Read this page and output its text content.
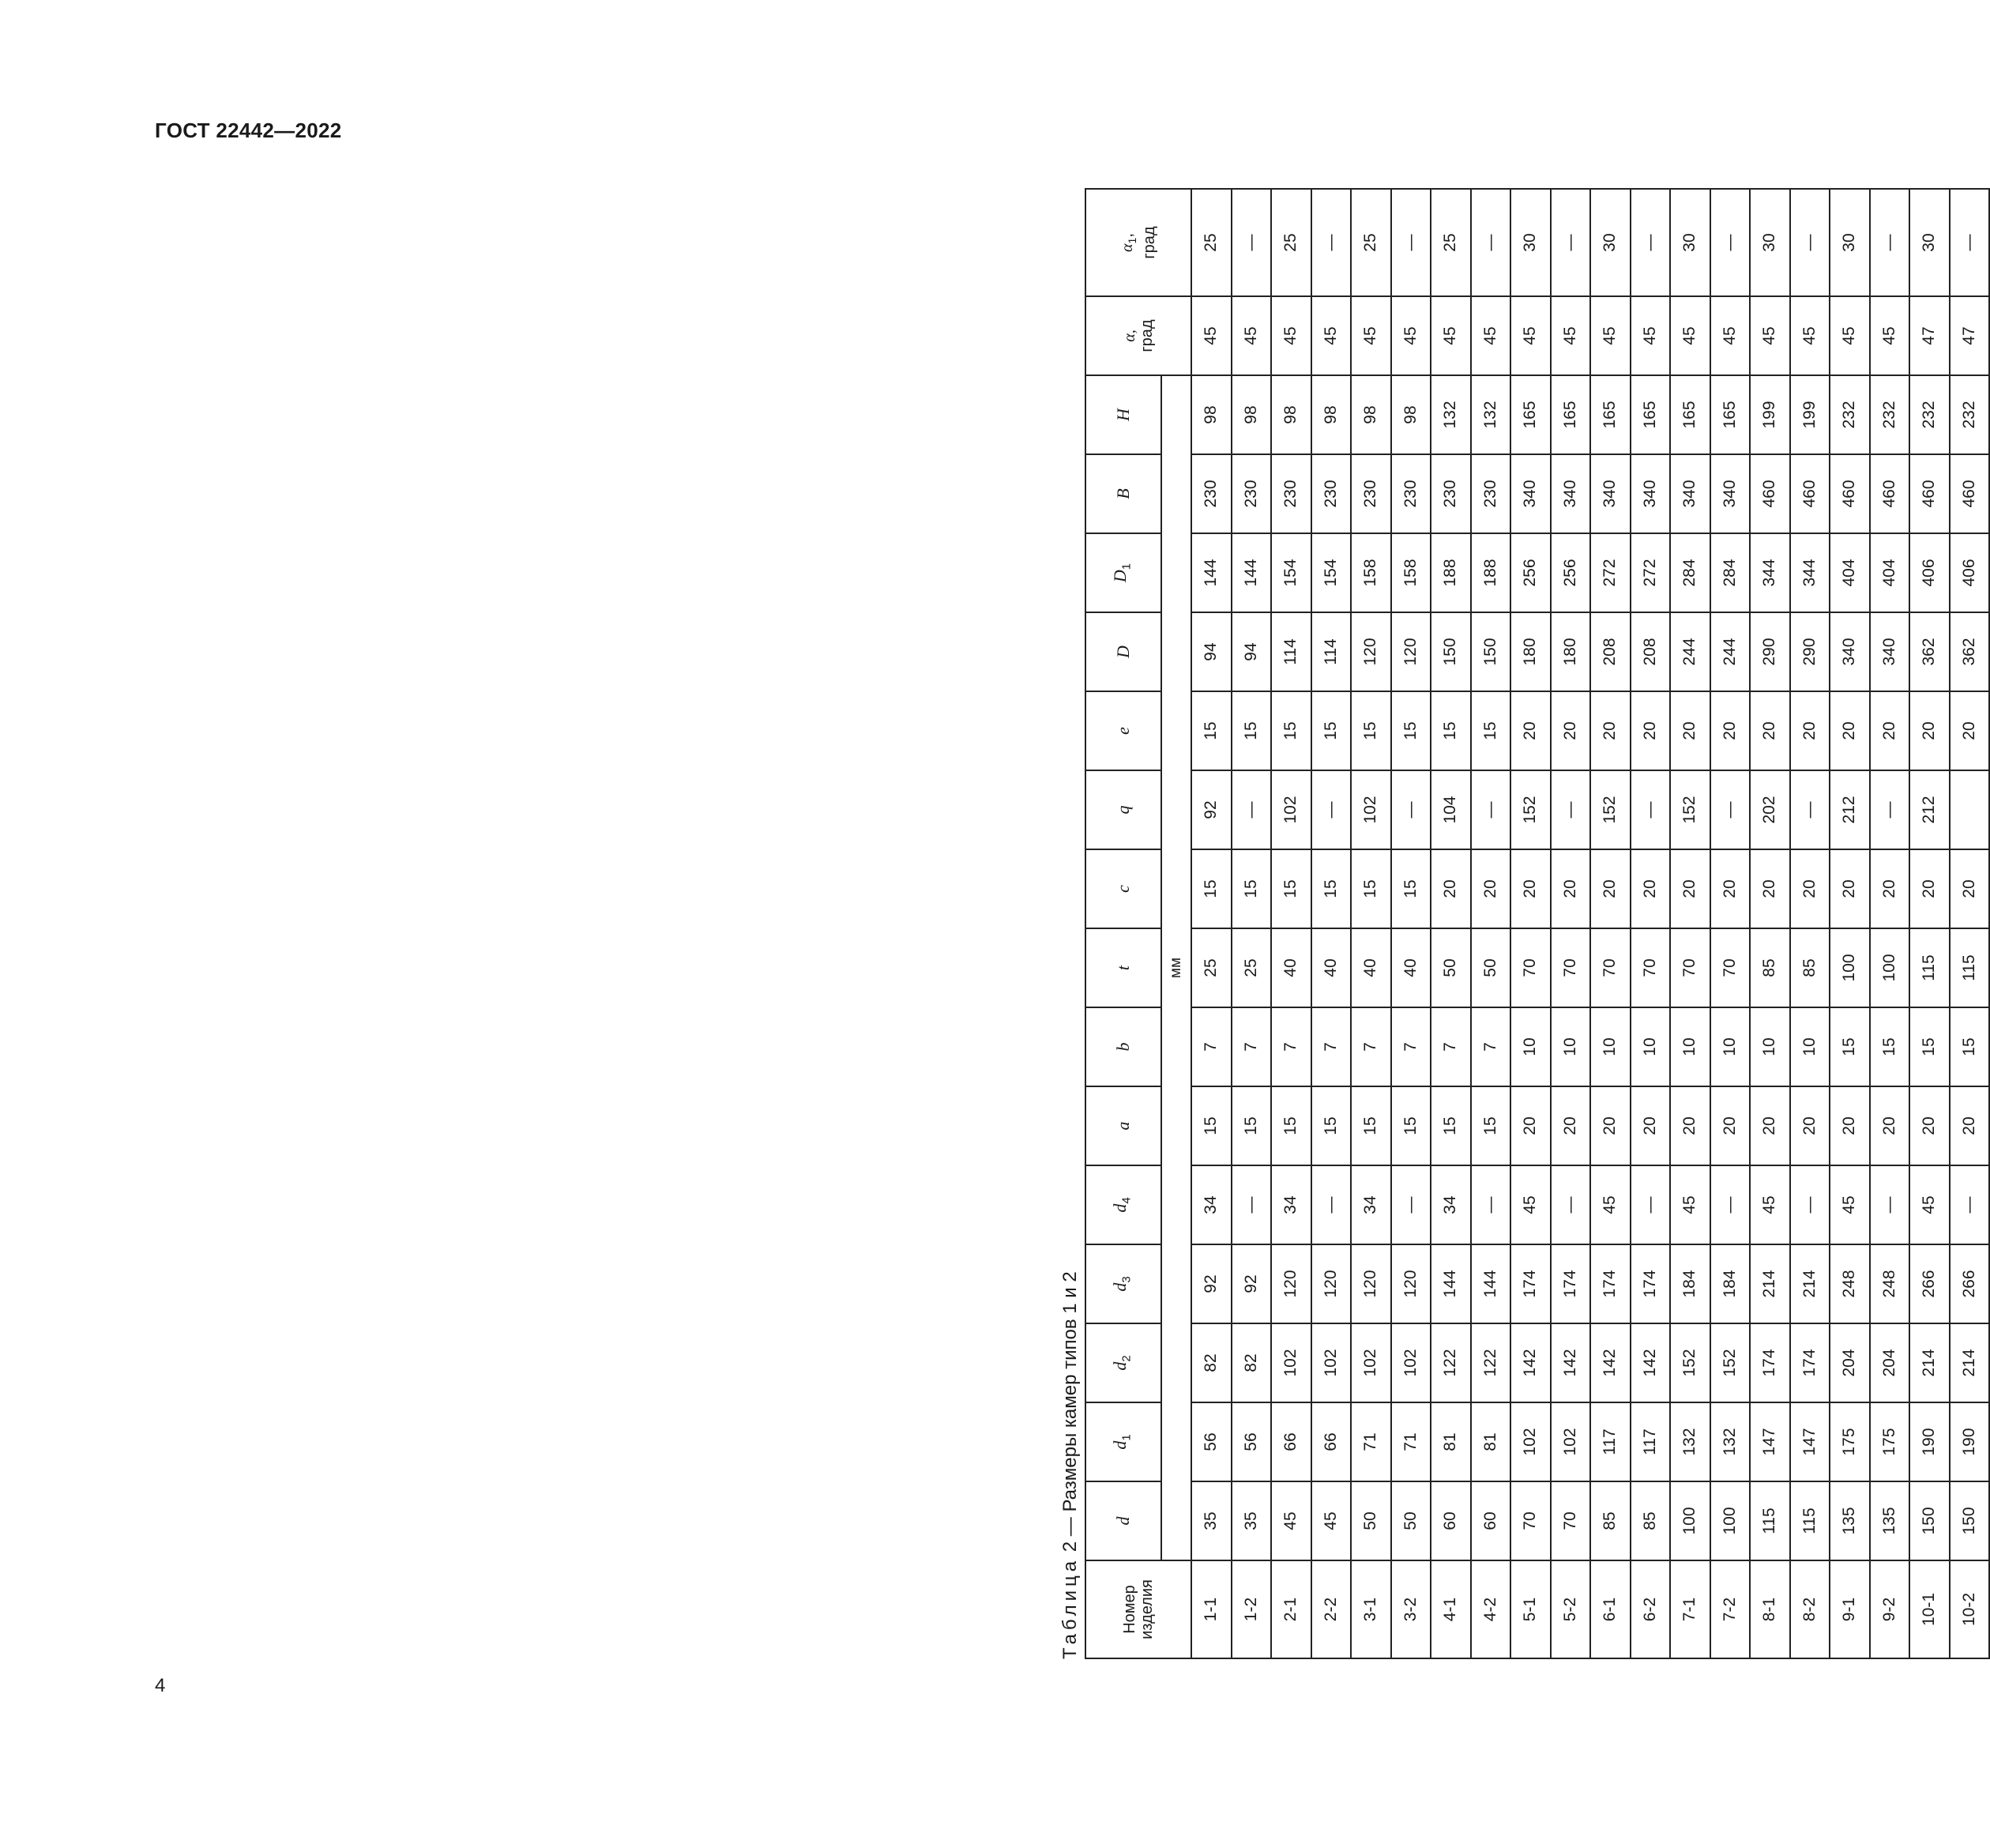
ГОСТ 22442—2022
Таблица 2 — Размеры камер типов 1 и 2
Номер изделия	d	$d_1$	$d_2$	$d_3$	$d_4$	a	b	t	c	q	e	D	$D_1$	B	H	α,
град	$\alpha_1$, град
	мм																
1-1	35	56	82	92	34	15	7	25	15	92	15	94	144	230	98	45	25
1-2	35	56	82	92	—	15	7	25	15	—	15	94	144	230	98	45	—
2-1	45	66	102	120	34	15	7	40	15	102	15	114	154	230	98	45	25
2-2	45	66	102	120	—	15	7	40	15	—	15	114	154	230	98	45	—
3-1	50	71	102	120	34	15	7	40	15	102	15	120	158	230	98	45	25
3-2	50	71	102	120	—	15	7	40	15	—	15	120	158	230	98	45	—
4-1	60	81	122	144	34	15	7	50	20	104	15	150	188	230	132	45	25
4-2	60	81	122	144	—	15	7	50	20	—	15	150	188	230	132	45	—
5-1	70	102	142	174	45	20	10	70	20	152	20	180	256	340	165	45	30
5-2	70	102	142	174	—	20	10	70	20	—	20	180	256	340	165	45	—
6-1	85	117	142	174	45	20	10	70	20	152	20	208	272	340	165	45	30
6-2	85	117	142	174	—	20	10	70	20	—	20	208	272	340	165	45	—
7-1	100	132	152	184	45	20	10	70	20	152	20	244	284	340	165	45	30
7-2	100	132	152	184	—	20	10	70	20	—	20	244	284	340	165	45	—
8-1	115	147	174	214	45	20	10	85	20	202	20	290	344	460	199	45	30
8-2	115	147	174	214	—	20	10	85	20	—	20	290	344	460	199	45	—
9-1	135	175	204	248	45	20	15	100	20	212	20	340	404	460	232	45	30
9-2	135	175	204	248	—	20	15	100	20	—	20	340	404	460	232	45	—
10-1	150	190	214	266	45	20	15	115	20	212	20	362	406	460	232	47	30
10-2	150	190	214	266	—	20	15	115	20		20	362	406	460	232	47	—
4
